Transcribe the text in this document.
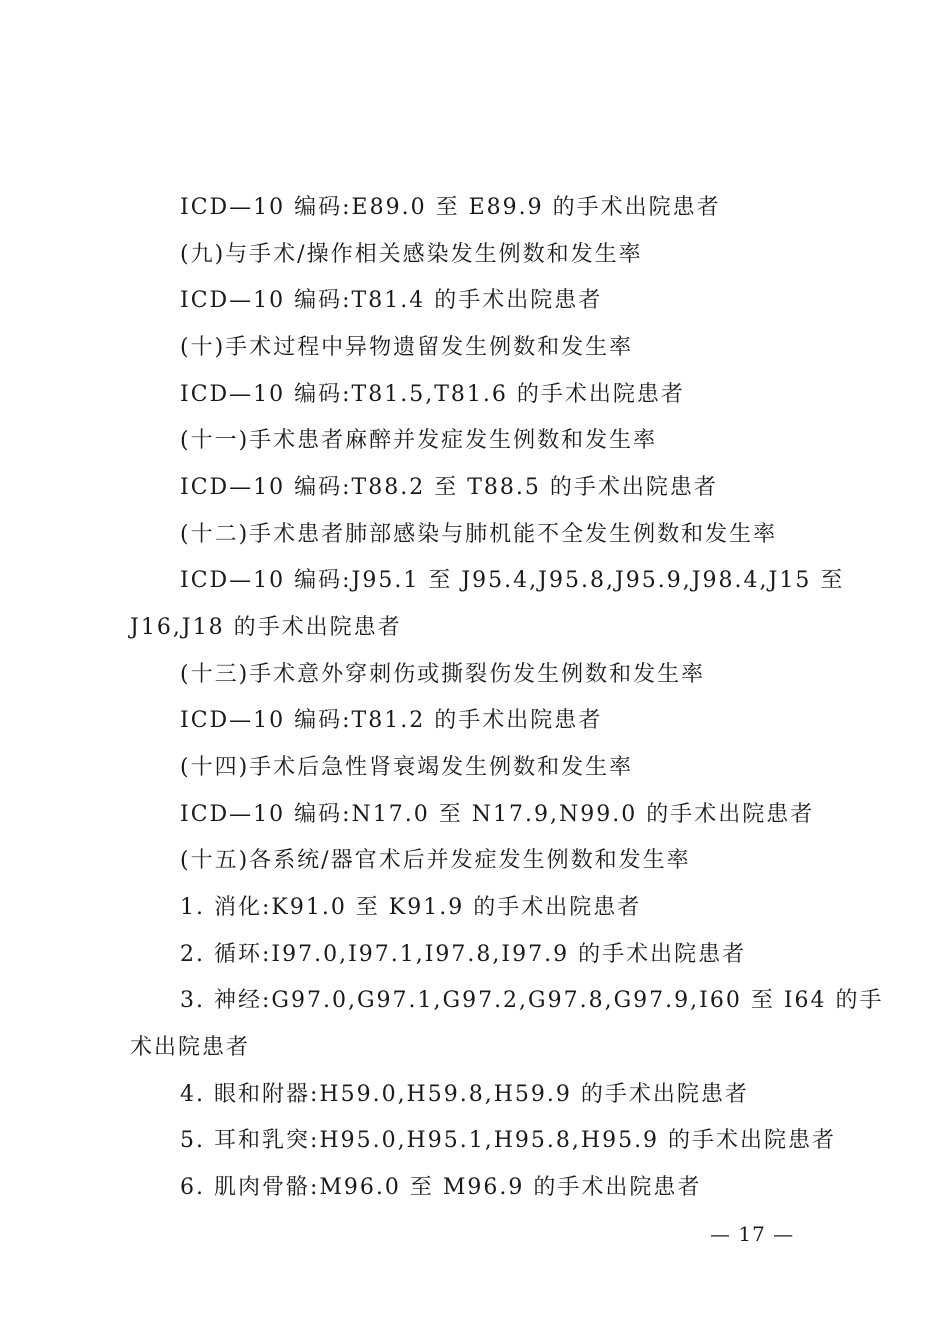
ICD—10 编码:E89.0 至 E89.9 的手术出院患者
(九)与手术/操作相关感染发生例数和发生率
ICD—10 编码:T81.4 的手术出院患者
(十)手术过程中异物遗留发生例数和发生率
ICD—10 编码:T81.5,T81.6 的手术出院患者
(十一)手术患者麻醉并发症发生例数和发生率
ICD—10 编码:T88.2 至 T88.5 的手术出院患者
(十二)手术患者肺部感染与肺机能不全发生例数和发生率
ICD—10 编码:J95.1 至 J95.4,J95.8,J95.9,J98.4,J15 至
J16,J18 的手术出院患者
(十三)手术意外穿刺伤或撕裂伤发生例数和发生率
ICD—10 编码:T81.2 的手术出院患者
(十四)手术后急性肾衰竭发生例数和发生率
ICD—10 编码:N17.0 至 N17.9,N99.0 的手术出院患者
(十五)各系统/器官术后并发症发生例数和发生率
1. 消化:K91.0 至 K91.9 的手术出院患者
2. 循环:I97.0,I97.1,I97.8,I97.9 的手术出院患者
3. 神经:G97.0,G97.1,G97.2,G97.8,G97.9,I60 至 I64 的手
术出院患者
4. 眼和附器:H59.0,H59.8,H59.9 的手术出院患者
5. 耳和乳突:H95.0,H95.1,H95.8,H95.9 的手术出院患者
6. 肌肉骨骼:M96.0 至 M96.9 的手术出院患者
— 17 —
